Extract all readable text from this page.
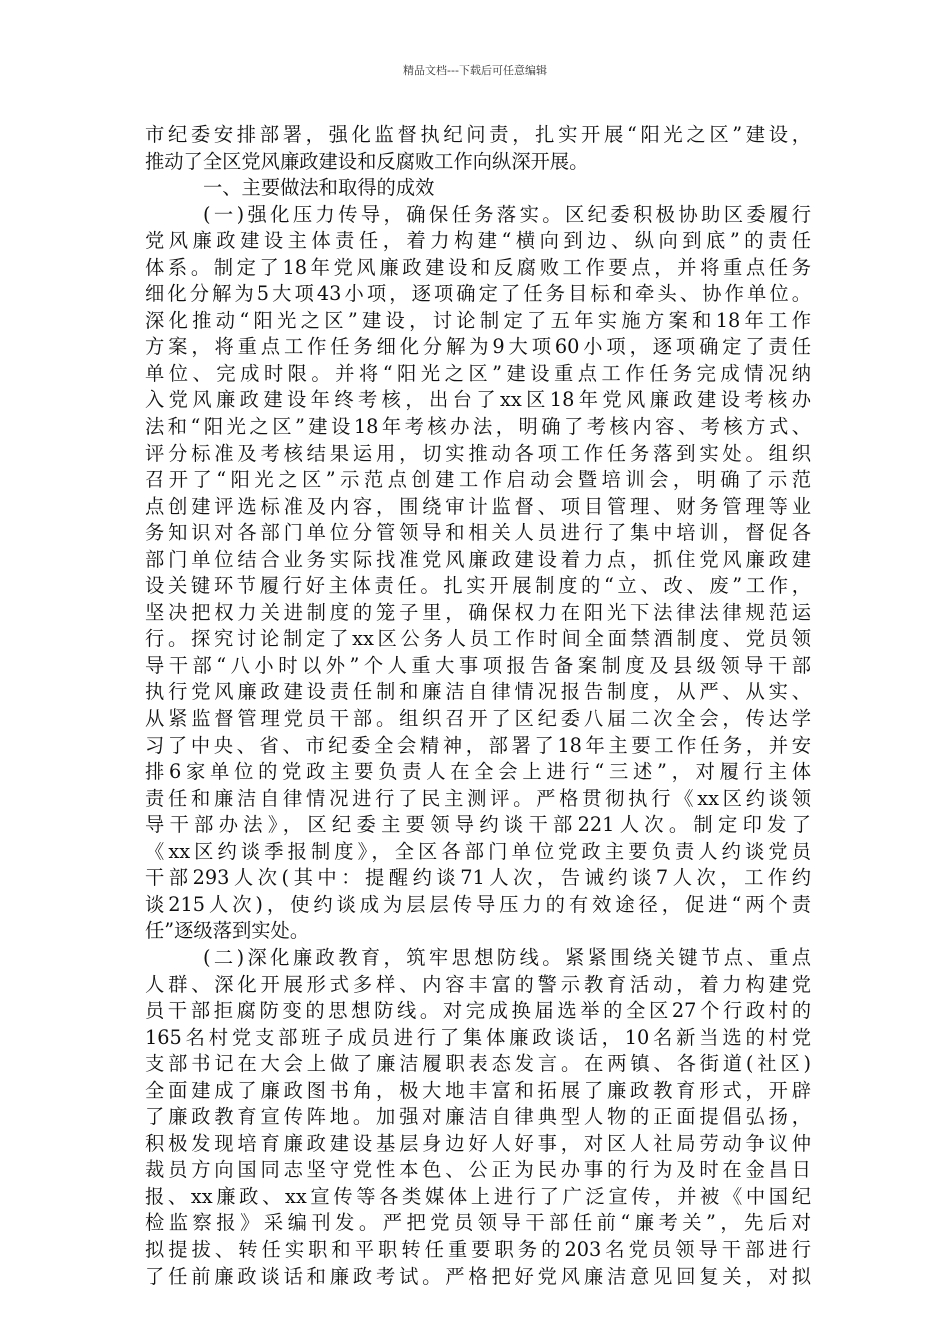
精品文档---下载后可任意编辑
市纪委安排部署，强化监督执纪问责，扎实开展“阳光之区”建设，
推动了全区党风廉政建设和反腐败工作向纵深开展。
一、主要做法和取得的成效
(一)强化压力传导，确保任务落实。区纪委积极协助区委履行
党风廉政建设主体责任，着力构建“横向到边、纵向到底”的责任
体系。制定了18年党风廉政建设和反腐败工作要点，并将重点任务
细化分解为5大项43小项，逐项确定了任务目标和牵头、协作单位。
深化推动“阳光之区”建设，讨论制定了五年实施方案和18年工作
方案，将重点工作任务细化分解为9大项60小项，逐项确定了责任
单位、完成时限。并将“阳光之区”建设重点工作任务完成情况纳
入党风廉政建设年终考核，出台了xx区18年党风廉政建设考核办
法和“阳光之区”建设18年考核办法，明确了考核内容、考核方式、
评分标准及考核结果运用，切实推动各项工作任务落到实处。组织
召开了“阳光之区”示范点创建工作启动会暨培训会，明确了示范
点创建评选标准及内容，围绕审计监督、项目管理、财务管理等业
务知识对各部门单位分管领导和相关人员进行了集中培训，督促各
部门单位结合业务实际找准党风廉政建设着力点，抓住党风廉政建
设关键环节履行好主体责任。扎实开展制度的“立、改、废”工作，
坚决把权力关进制度的笼子里，确保权力在阳光下法律法律规范运
行。探究讨论制定了xx区公务人员工作时间全面禁酒制度、党员领
导干部“八小时以外”个人重大事项报告备案制度及县级领导干部
执行党风廉政建设责任制和廉洁自律情况报告制度，从严、从实、
从紧监督管理党员干部。组织召开了区纪委八届二次全会，传达学
习了中央、省、市纪委全会精神，部署了18年主要工作任务，并安
排6家单位的党政主要负责人在全会上进行“三述”，对履行主体
责任和廉洁自律情况进行了民主测评。严格贯彻执行《xx区约谈领
导干部办法》，区纪委主要领导约谈干部221人次。制定印发了
《xx区约谈季报制度》，全区各部门单位党政主要负责人约谈党员
干部293人次(其中：提醒约谈71人次，告诫约谈7人次，工作约
谈215人次)，使约谈成为层层传导压力的有效途径，促进“两个责
任”逐级落到实处。
(二)深化廉政教育，筑牢思想防线。紧紧围绕关键节点、重点
人群、深化开展形式多样、内容丰富的警示教育活动，着力构建党
员干部拒腐防变的思想防线。对完成换届选举的全区27个行政村的
165名村党支部班子成员进行了集体廉政谈话，10名新当选的村党
支部书记在大会上做了廉洁履职表态发言。在两镇、各街道(社区)
全面建成了廉政图书角，极大地丰富和拓展了廉政教育形式，开辟
了廉政教育宣传阵地。加强对廉洁自律典型人物的正面提倡弘扬，
积极发现培育廉政建设基层身边好人好事，对区人社局劳动争议仲
裁员方向国同志坚守党性本色、公正为民办事的行为及时在金昌日
报、xx廉政、xx宣传等各类媒体上进行了广泛宣传，并被《中国纪
检监察报》采编刊发。严把党员领导干部任前“廉考关”，先后对
拟提拔、转任实职和平职转任重要职务的203名党员领导干部进行
了任前廉政谈话和廉政考试。严格把好党风廉洁意见回复关，对拟
